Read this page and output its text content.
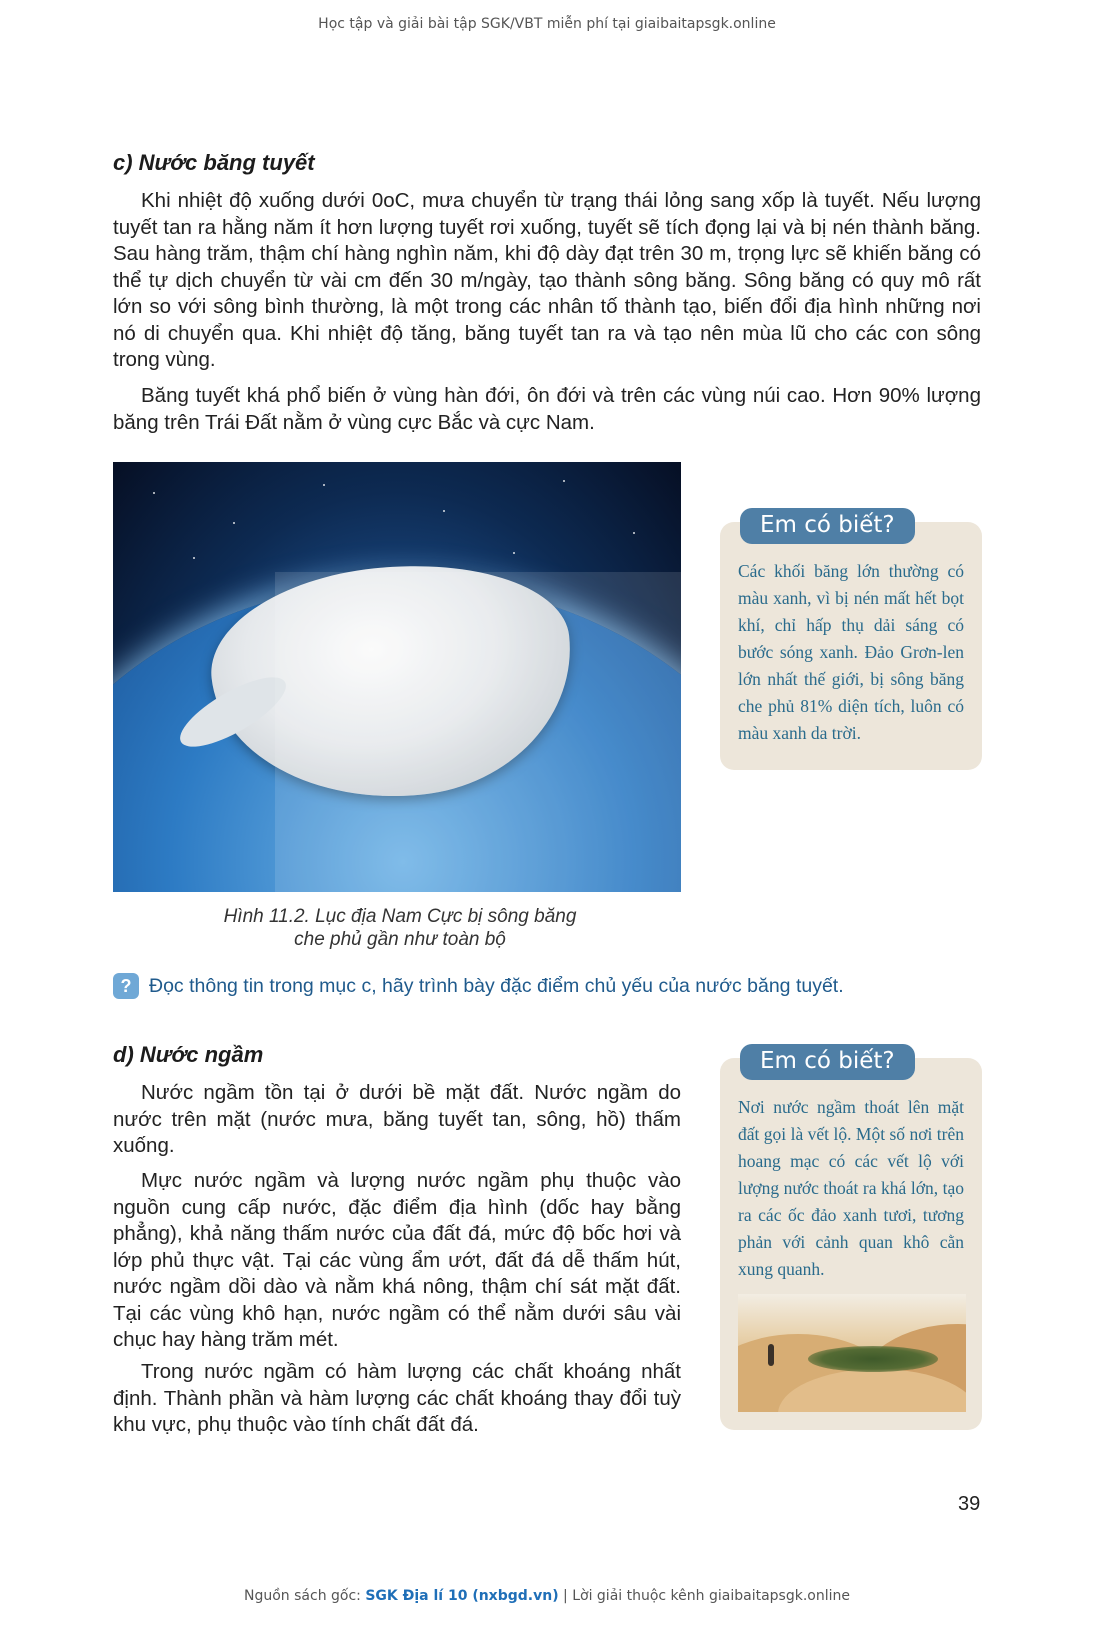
Học tập và giải bài tập SGK/VBT miễn phí tại giaibaitapsgk.online
c) Nước băng tuyết

Khi nhiệt độ xuống dưới 0oC, mưa chuyển từ trạng thái lỏng sang xốp là tuyết. Nếu lượng tuyết tan ra hằng năm ít hơn lượng tuyết rơi xuống, tuyết sẽ tích đọng lại và bị nén thành băng. Sau hàng trăm, thậm chí hàng nghìn năm, khi độ dày đạt trên 30 m, trọng lực sẽ khiến băng có thể tự dịch chuyển từ vài cm đến 30 m/ngày, tạo thành sông băng. Sông băng có quy mô rất lớn so với sông bình thường, là một trong các nhân tố thành tạo, biến đổi địa hình những nơi nó di chuyển qua. Khi nhiệt độ tăng, băng tuyết tan ra và tạo nên mùa lũ cho các con sông trong vùng.

Băng tuyết khá phổ biến ở vùng hàn đới, ôn đới và trên các vùng núi cao. Hơn 90% lượng băng trên Trái Đất nằm ở vùng cực Bắc và cực Nam.

Hình 11.2. Lục địa Nam Cực bị sông băng
che phủ gần như toàn bộ

Em có biết?

Các khối băng lớn thường có màu xanh, vì bị nén mất hết bọt khí, chỉ hấp thụ dải sáng có bước sóng xanh. Đảo Grơn-len lớn nhất thế giới, bị sông băng che phủ 81% diện tích, luôn có màu xanh da trời.

? Đọc thông tin trong mục c, hãy trình bày đặc điểm chủ yếu của nước băng tuyết.
d) Nước ngầm

Nước ngầm tồn tại ở dưới bề mặt đất. Nước ngầm do nước trên mặt (nước mưa, băng tuyết tan, sông, hồ) thấm xuống.

Mực nước ngầm và lượng nước ngầm phụ thuộc vào nguồn cung cấp nước, đặc điểm địa hình (dốc hay bằng phẳng), khả năng thấm nước của đất đá, mức độ bốc hơi và lớp phủ thực vật. Tại các vùng ẩm ướt, đất đá dễ thấm hút, nước ngầm dồi dào và nằm khá nông, thậm chí sát mặt đất. Tại các vùng khô hạn, nước ngầm có thể nằm dưới sâu vài chục hay hàng trăm mét.

Trong nước ngầm có hàm lượng các chất khoáng nhất định. Thành phần và hàm lượng các chất khoáng thay đổi tuỳ khu vực, phụ thuộc vào tính chất đất đá.

Em có biết?

Nơi nước ngầm thoát lên mặt đất gọi là vết lộ. Một số nơi trên hoang mạc có các vết lộ với lượng nước thoát ra khá lớn, tạo ra các ốc đảo xanh tươi, tương phản với cảnh quan khô cằn xung quanh.

39
Nguồn sách gốc: SGK Địa lí 10 (nxbgd.vn) | Lời giải thuộc kênh giaibaitapsgk.online
